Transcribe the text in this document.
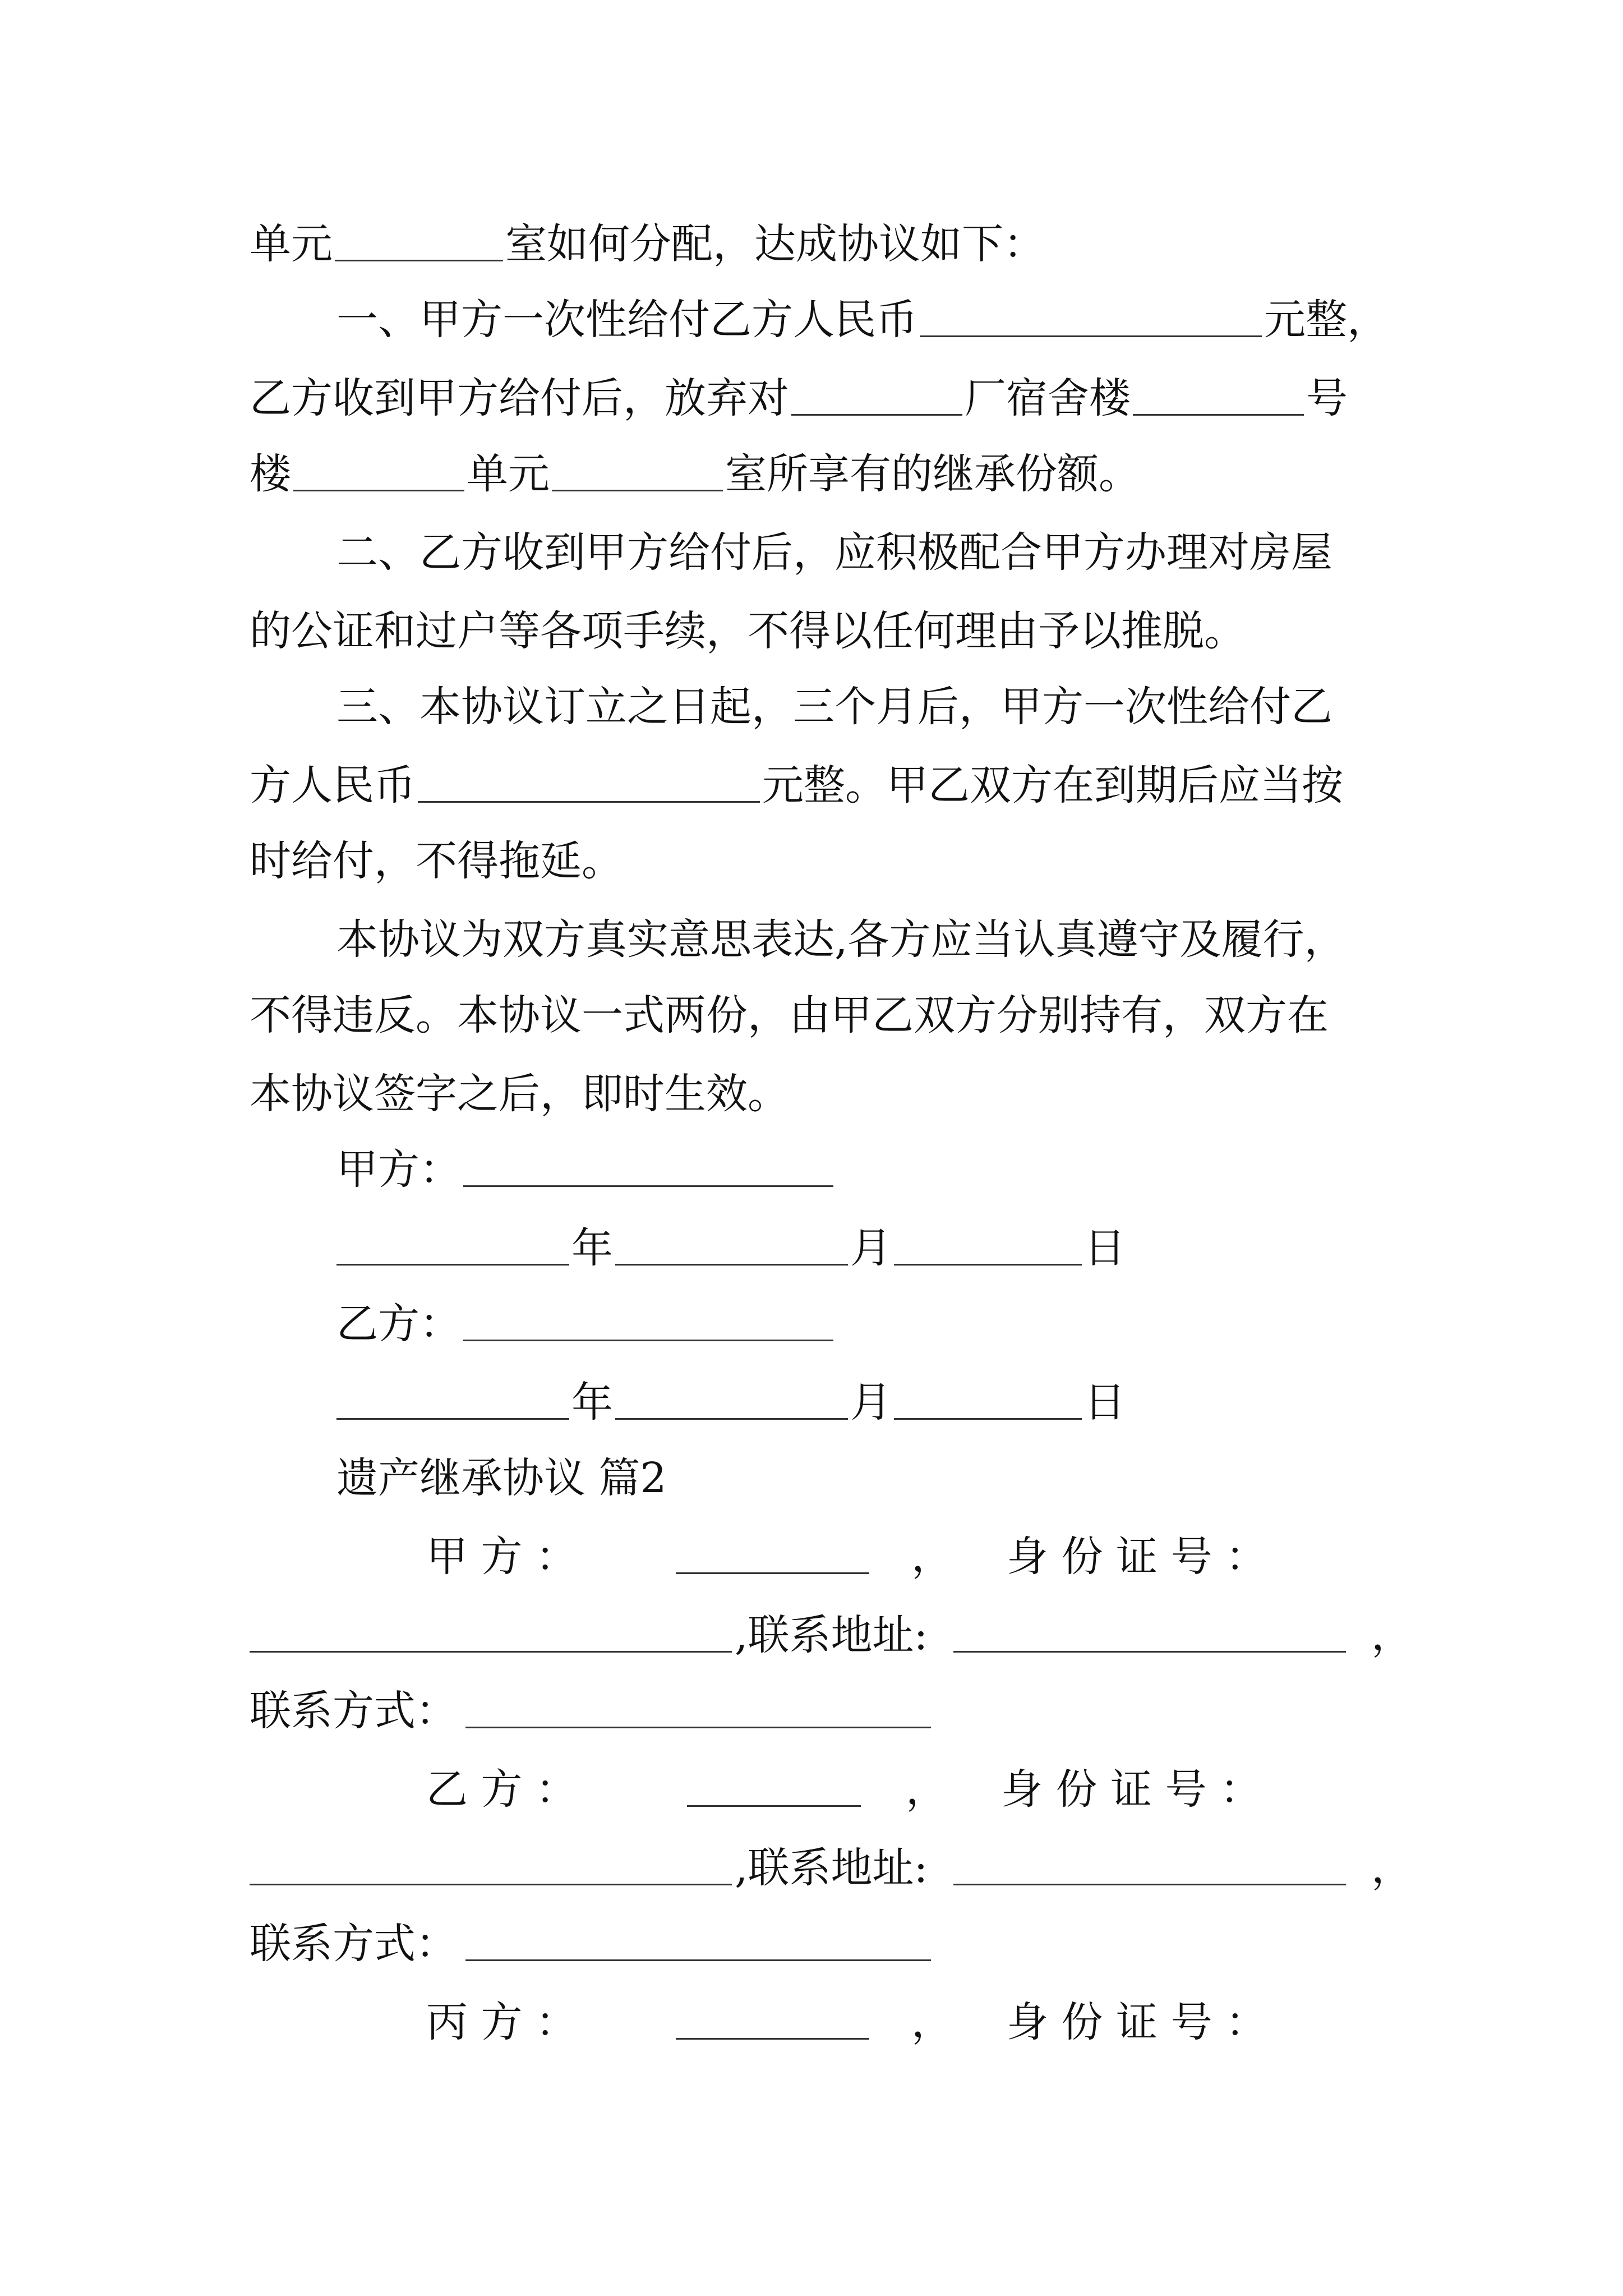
单元	室如何分配，达成协议如下：
一、甲方一次性给付乙方人民币	元整，
乙方收到甲方给付后，放弃对	厂宿舍楼	号
楼	单元	室所享有的继承份额。
二、乙方收到甲方给付后，应积极配合甲方办理对房屋
的公证和过户等各项手续，不得以任何理由予以推脱。
三、本协议订立之日起，三个月后，甲方一次性给付乙
方人民币	元整。甲乙双方在到期后应当按
时给付，不得拖延。
本协议为双方真实意思表达,各方应当认真遵守及履行，
不得违反。本协议一式两份，由甲乙双方分别持有，双方在
本协议签字之后，即时生效。
甲方：
年	月	日
乙方：
年	月	日
遗产继承协议 篇2
甲 方 ：	， 身 份 证 号 ：
,联系地址:	，
联系方式：
乙 方 ：	， 身 份 证 号 ：
,联系地址:	，
联系方式：
丙 方 ：	， 身 份 证 号 ：
